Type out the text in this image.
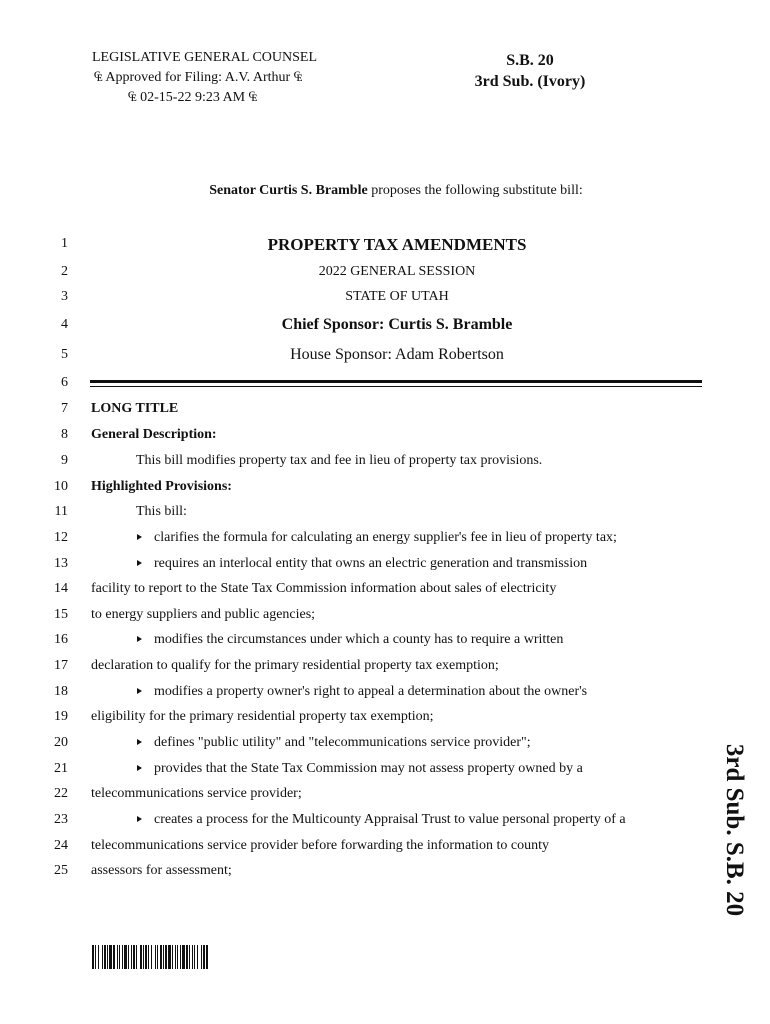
LEGISLATIVE GENERAL COUNSEL
₠ Approved for Filing: A.V. Arthur ₠
₠ 02-15-22 9:23 AM ₠
S.B. 20
3rd Sub. (Ivory)
Senator Curtis S. Bramble proposes the following substitute bill:
1
2
3
4
5
6
7
8
9
10
11
12
13
14
15
16
17
18
19
20
21
22
23
24
25
PROPERTY TAX AMENDMENTS
2022 GENERAL SESSION
STATE OF UTAH
Chief Sponsor: Curtis S. Bramble
House Sponsor: Adam Robertson
LONG TITLE
General Description:
This bill modifies property tax and fee in lieu of property tax provisions.
Highlighted Provisions:
This bill:
clarifies the formula for calculating an energy supplier's fee in lieu of property tax;
requires an interlocal entity that owns an electric generation and transmission
facility to report to the State Tax Commission information about sales of electricity
to energy suppliers and public agencies;
modifies the circumstances under which a county has to require a written
declaration to qualify for the primary residential property tax exemption;
modifies a property owner's right to appeal a determination about the owner's
eligibility for the primary residential property tax exemption;
defines "public utility" and "telecommunications service provider";
provides that the State Tax Commission may not assess property owned by a
telecommunications service provider;
creates a process for the Multicounty Appraisal Trust to value personal property of a
telecommunications service provider before forwarding the information to county
assessors for assessment;	3rd Sub. S.B. 20
